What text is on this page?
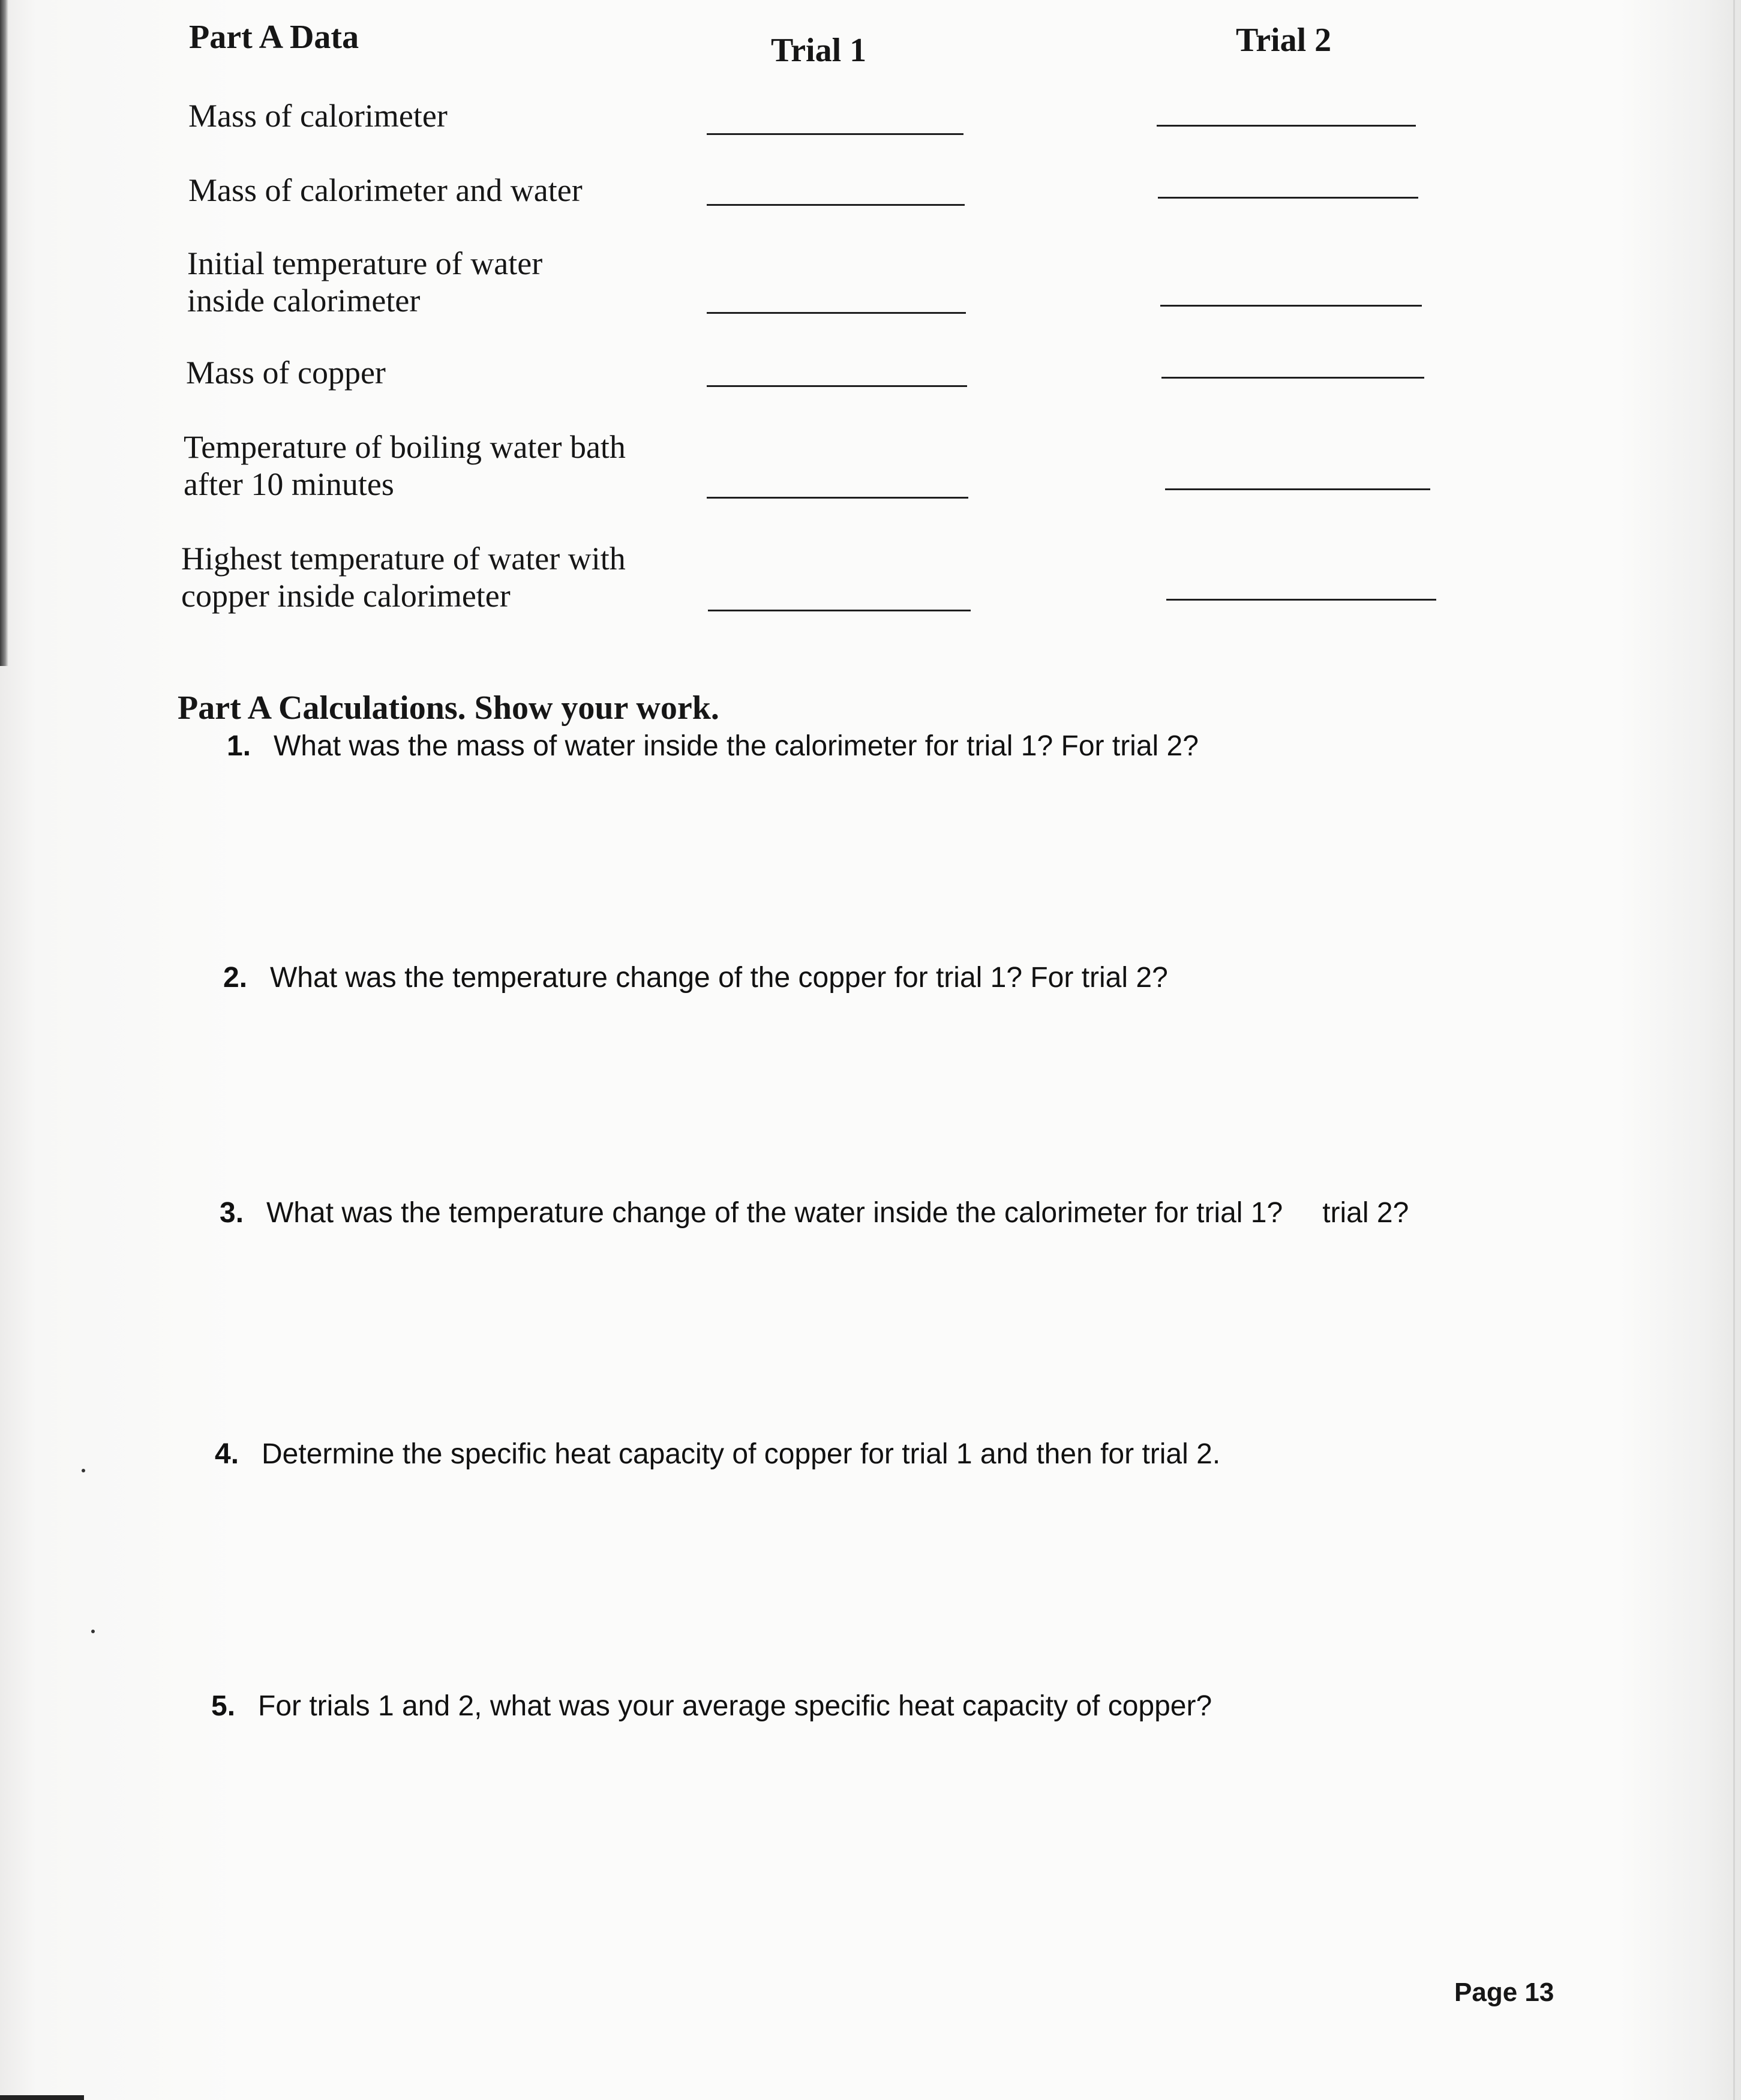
Part A Data	Trial 1	Trial 2
Mass of calorimeter
Mass of calorimeter and water
Initial temperature of water
inside calorimeter
Mass of copper
Temperature of boiling water bath
after 10 minutes
Highest temperature of water with
copper inside calorimeter
Part A Calculations. Show your work.
1. What was the mass of water inside the calorimeter for trial 1? For trial 2?
2. What was the temperature change of the copper for trial 1? For trial 2?
3. What was the temperature change of the water inside the calorimeter for trial 1? trial 2?
4. Determine the specific heat capacity of copper for trial 1 and then for trial 2.
5. For trials 1 and 2, what was your average specific heat capacity of copper?
Page 13
